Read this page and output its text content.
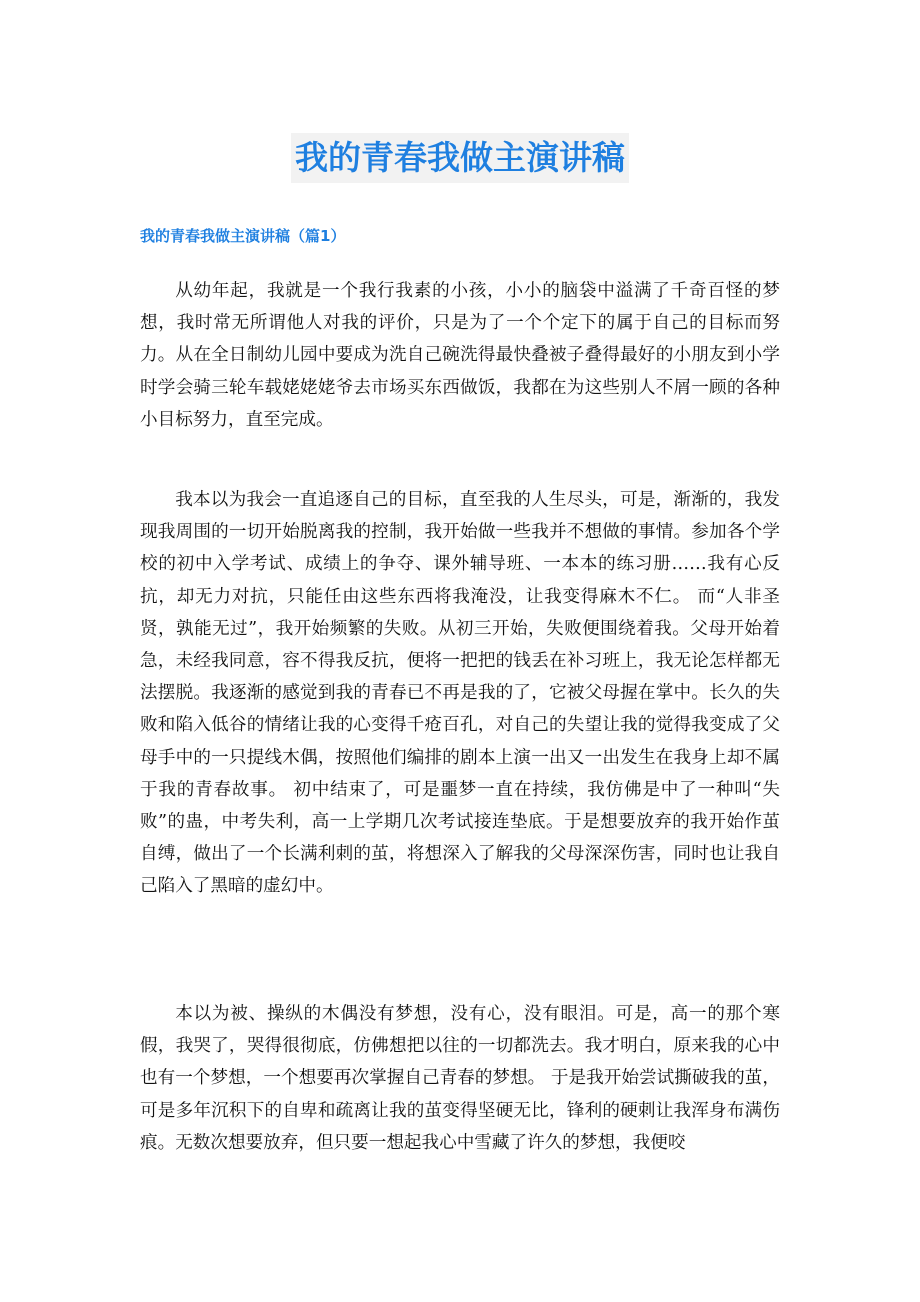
我的青春我做主演讲稿
我的青春我做主演讲稿（篇1）

从幼年起，我就是一个我行我素的小孩，小小的脑袋中溢满了千奇百怪的梦想，我时常无所谓他人对我的评价，只是为了一个个定下的属于自己的目标而努力。从在全日制幼儿园中要成为洗自己碗洗得最快叠被子叠得最好的小朋友到小学时学会骑三轮车载姥姥姥爷去市场买东西做饭，我都在为这些别人不屑一顾的各种小目标努力，直至完成。

我本以为我会一直追逐自己的目标，直至我的人生尽头，可是，渐渐的，我发现我周围的一切开始脱离我的控制，我开始做一些我并不想做的事情。参加各个学校的初中入学考试、成绩上的争夺、课外辅导班、一本本的练习册……我有心反抗，却无力对抗，只能任由这些东西将我淹没，让我变得麻木不仁。 而“人非圣贤，孰能无过”，我开始频繁的失败。从初三开始，失败便围绕着我。父母开始着急，未经我同意，容不得我反抗，便将一把把的钱丢在补习班上，我无论怎样都无法摆脱。我逐渐的感觉到我的青春已不再是我的了，它被父母握在掌中。长久的失败和陷入低谷的情绪让我的心变得千疮百孔，对自己的失望让我的觉得我变成了父母手中的一只提线木偶，按照他们编排的剧本上演一出又一出发生在我身上却不属于我的青春故事。 初中结束了，可是噩梦一直在持续，我仿佛是中了一种叫“失败”的蛊，中考失利，高一上学期几次考试接连垫底。于是想要放弃的我开始作茧自缚，做出了一个长满利刺的茧，将想深入了解我的父母深深伤害，同时也让我自己陷入了黑暗的虚幻中。

本以为被、操纵的木偶没有梦想，没有心，没有眼泪。可是，高一的那个寒假，我哭了，哭得很彻底，仿佛想把以往的一切都洗去。我才明白，原来我的心中也有一个梦想，一个想要再次掌握自己青春的梦想。 于是我开始尝试撕破我的茧，可是多年沉积下的自卑和疏离让我的茧变得坚硬无比，锋利的硬刺让我浑身布满伤痕。无数次想要放弃，但只要一想起我心中雪藏了许久的梦想，我便咬
